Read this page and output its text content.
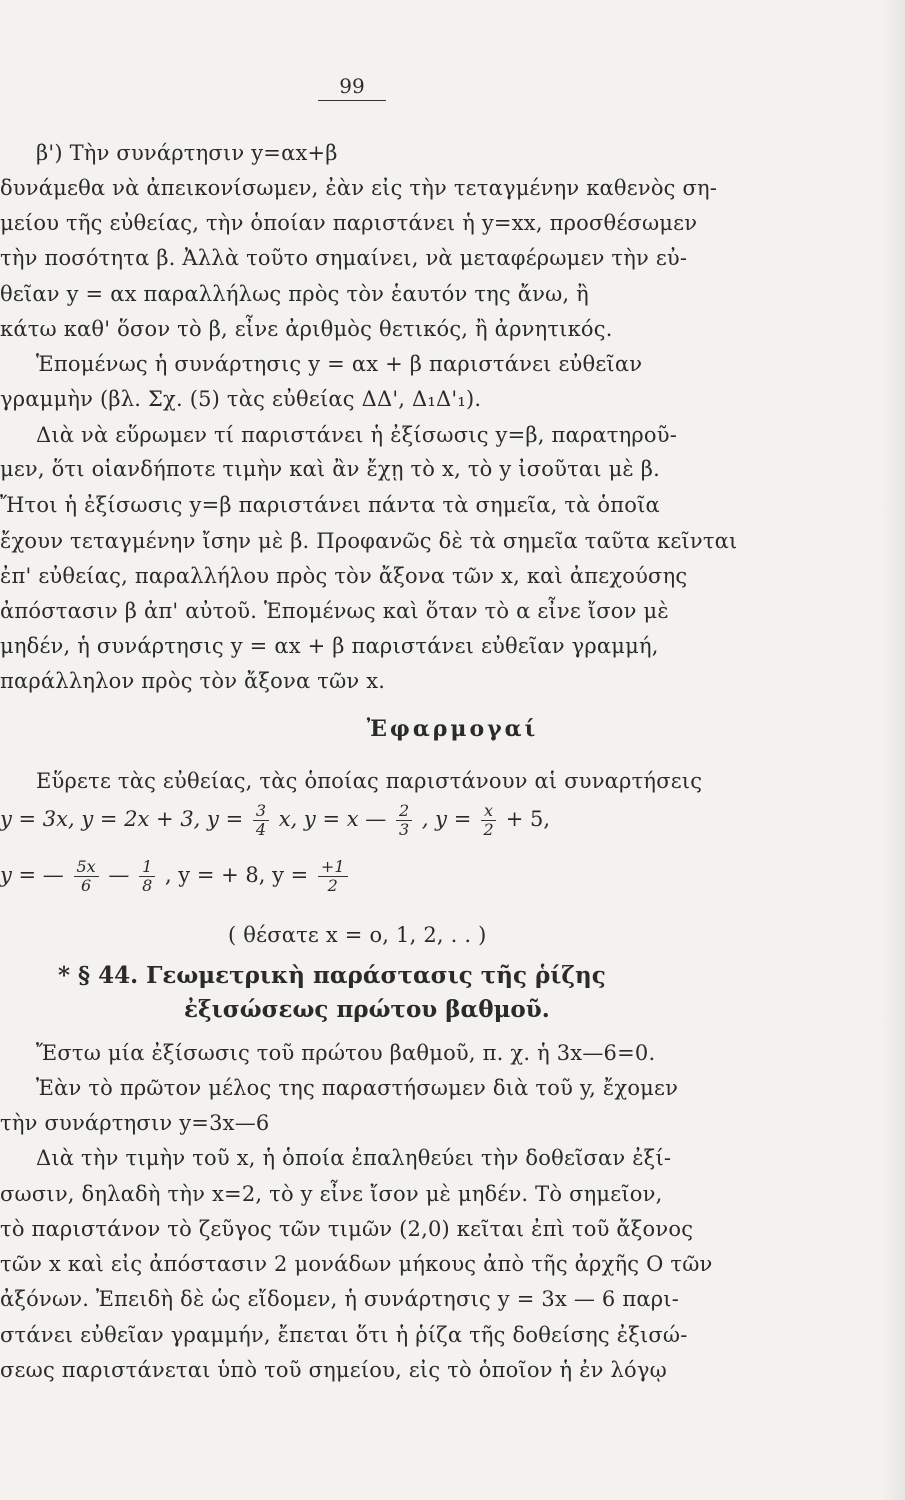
99
β') Τὴν συνάρτησιν y=αx+β
δυνάμεθα νὰ ἀπεικονίσωμεν, ἐὰν εἰς τὴν τεταγμένην καθενὸς ση-
μείου τῆς εὐθείας, τὴν ὁποίαν παριστάνει ἡ y=xx, προσθέσωμεν
τὴν ποσότητα β. Ἀλλὰ τοῦτο σημαίνει, νὰ μεταφέρωμεν τὴν εὐ-
θεῖαν y = αx παραλλήλως πρὸς τὸν ἑαυτόν της ἄνω, ἢ
κάτω καθ' ὅσον τὸ β, εἶνε ἀριθμὸς θετικός, ἢ ἀρνητικός.
Ἑπομένως ἡ συνάρτησις y = αx + β παριστάνει εὐθεῖαν
γραμμὴν (βλ. Σχ. (5) τὰς εὐθείας ΔΔ', Δ₁Δ'₁).
Διὰ νὰ εὕρωμεν τί παριστάνει ἡ ἐξίσωσις y=β, παρατηροῦ-
μεν, ὅτι οἱανδήποτε τιμὴν καὶ ἂν ἔχῃ τὸ x, τὸ y ἰσοῦται μὲ β.
Ἤτοι ἡ ἐξίσωσις y=β παριστάνει πάντα τὰ σημεῖα, τὰ ὁποῖα
ἔχουν τεταγμένην ἴσην μὲ β. Προφανῶς δὲ τὰ σημεῖα ταῦτα κεῖνται
ἐπ' εὐθείας, παραλλήλου πρὸς τὸν ἄξονα τῶν x, καὶ ἀπεχούσης
ἀπόστασιν β ἀπ' αὐτοῦ. Ἑπομένως καὶ ὅταν τὸ α εἶνε ἴσον μὲ
μηδέν, ἡ συνάρτησις y = αx + β παριστάνει εὐθεῖαν γραμμή,
παράλληλον πρὸς τὸν ἄξονα τῶν x.
Ἐφαρμογαί
Εὕρετε τὰς εὐθείας, τὰς ὁποίας παριστάνουν αἱ συναρτήσεις
y = 3x, y = 2x + 3, $y = \frac{3}{4} x$, y = x — $\frac{2}{3}$ , $y = \frac{x}{2} + 5$,
y = — $\frac{5x}{6}$ — $\frac{1}{8}$ , y = + 8, $y = \frac{+1}{2}$
( θέσατε x = o, 1, 2, . . )
* § 44. Γεωμετρικὴ παράστασις τῆς ῥίζης
ἐξισώσεως πρώτου βαθμοῦ.
Ἔστω μία ἐξίσωσις τοῦ πρώτου βαθμοῦ, π. χ. ἡ 3x—6=0.
Ἐὰν τὸ πρῶτον μέλος της παραστήσωμεν διὰ τοῦ y, ἔχομεν
τὴν συνάρτησιν y=3x—6
Διὰ τὴν τιμὴν τοῦ x, ἡ ὁποία ἐπαληθεύει τὴν δοθεῖσαν ἐξί-
σωσιν, δηλαδὴ τὴν x=2, τὸ y εἶνε ἴσον μὲ μηδέν. Τὸ σημεῖον,
τὸ παριστάνον τὸ ζεῦγος τῶν τιμῶν (2,0) κεῖται ἐπὶ τοῦ ἄξονος
τῶν x καὶ εἰς ἀπόστασιν 2 μονάδων μήκους ἀπὸ τῆς ἀρχῆς Ο τῶν
ἀξόνων. Ἐπειδὴ δὲ ὡς εἴδομεν, ἡ συνάρτησις y = 3x — 6 παρι-
στάνει εὐθεῖαν γραμμήν, ἔπεται ὅτι ἡ ῥίζα τῆς δοθείσης ἐξισώ-
σεως παριστάνεται ὑπὸ τοῦ σημείου, εἰς τὸ ὁποῖον ἡ ἐν λόγῳ
